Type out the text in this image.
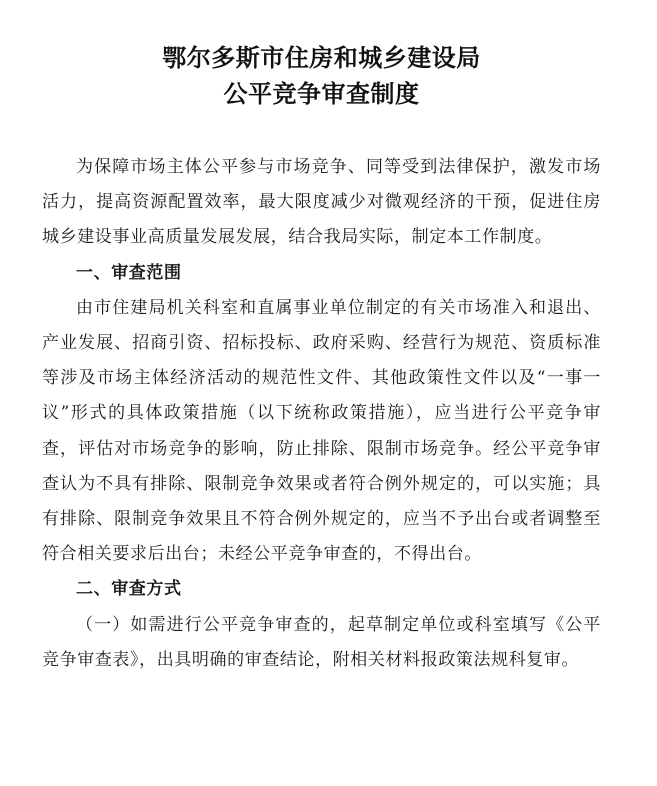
鄂尔多斯市住房和城乡建设局
公平竞争审查制度

为保障市场主体公平参与市场竞争、同等受到法律保护，激发市场活力，提高资源配置效率，最大限度减少对微观经济的干预，促进住房城乡建设事业高质量发展发展，结合我局实际，制定本工作制度。

一、审查范围

由市住建局机关科室和直属事业单位制定的有关市场准入和退出、产业发展、招商引资、招标投标、政府采购、经营行为规范、资质标准等涉及市场主体经济活动的规范性文件、其他政策性文件以及“一事一议”形式的具体政策措施（以下统称政策措施），应当进行公平竞争审查，评估对市场竞争的影响，防止排除、限制市场竞争。经公平竞争审查认为不具有排除、限制竞争效果或者符合例外规定的，可以实施；具有排除、限制竞争效果且不符合例外规定的，应当不予出台或者调整至符合相关要求后出台；未经公平竞争审查的，不得出台。

二、审查方式

（一）如需进行公平竞争审查的，起草制定单位或科室填写《公平竞争审查表》，出具明确的审查结论，附相关材料报政策法规科复审。
